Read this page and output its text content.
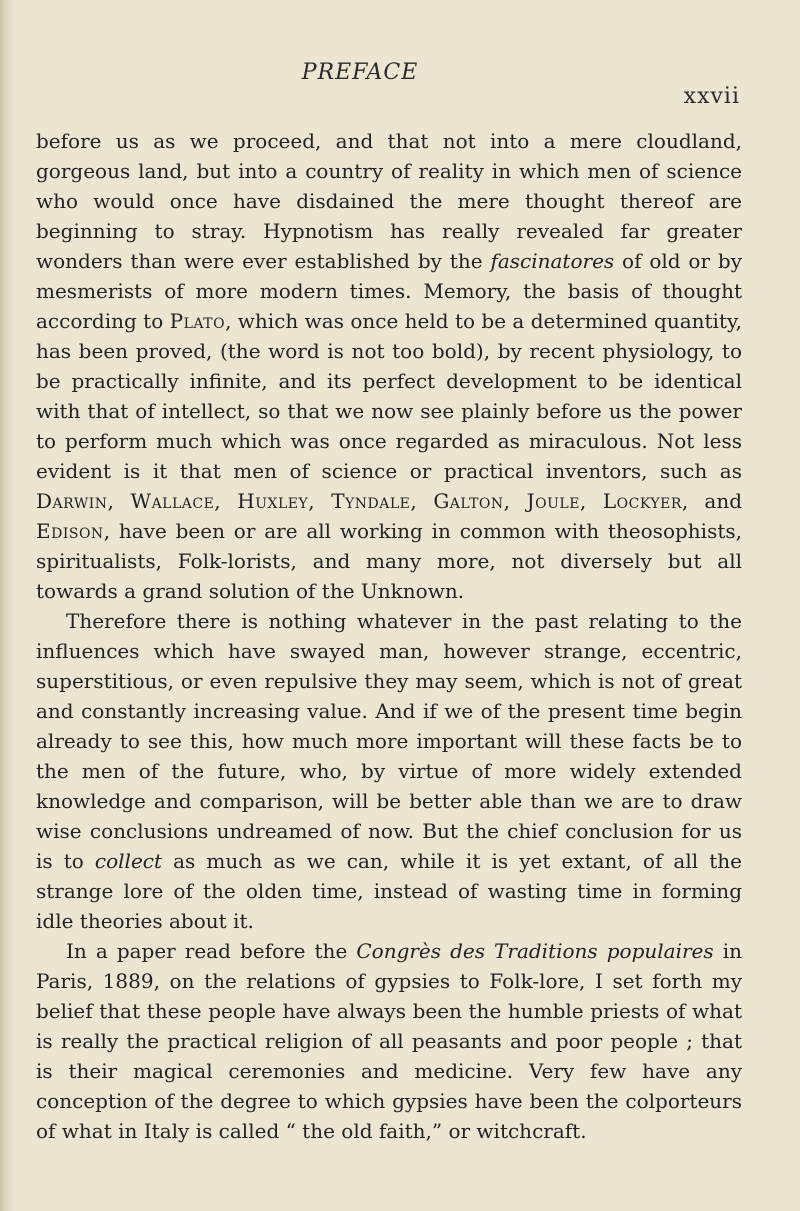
PREFACE
xxvii

before us as we proceed, and that not into a mere cloudland, gorgeous land, but into a country of reality in which men of science who would once have disdained the mere thought thereof are beginning to stray. Hypnotism has really revealed far greater wonders than were ever established by the fascinatores of old or by mesmerists of more modern times. Memory, the basis of thought according to Plato, which was once held to be a determined quantity, has been proved, (the word is not too bold), by recent physiology, to be practically infinite, and its perfect development to be identical with that of intellect, so that we now see plainly before us the power to perform much which was once regarded as miraculous. Not less evident is it that men of science or practical inventors, such as Darwin, Wallace, Huxley, Tyndale, Galton, Joule, Lockyer, and Edison, have been or are all working in common with theosophists, spiritualists, Folk-lorists, and many more, not diversely but all towards a grand solution of the Unknown.

Therefore there is nothing whatever in the past relating to the influences which have swayed man, however strange, eccentric, superstitious, or even repulsive they may seem, which is not of great and constantly increasing value. And if we of the present time begin already to see this, how much more important will these facts be to the men of the future, who, by virtue of more widely extended knowledge and comparison, will be better able than we are to draw wise conclusions undreamed of now. But the chief conclusion for us is to collect as much as we can, while it is yet extant, of all the strange lore of the olden time, instead of wasting time in forming idle theories about it.

In a paper read before the Congrès des Traditions populaires in Paris, 1889, on the relations of gypsies to Folk-lore, I set forth my belief that these people have always been the humble priests of what is really the practical religion of all peasants and poor people ; that is their magical ceremonies and medicine. Very few have any conception of the degree to which gypsies have been the colporteurs of what in Italy is called “ the old faith,” or witchcraft.
